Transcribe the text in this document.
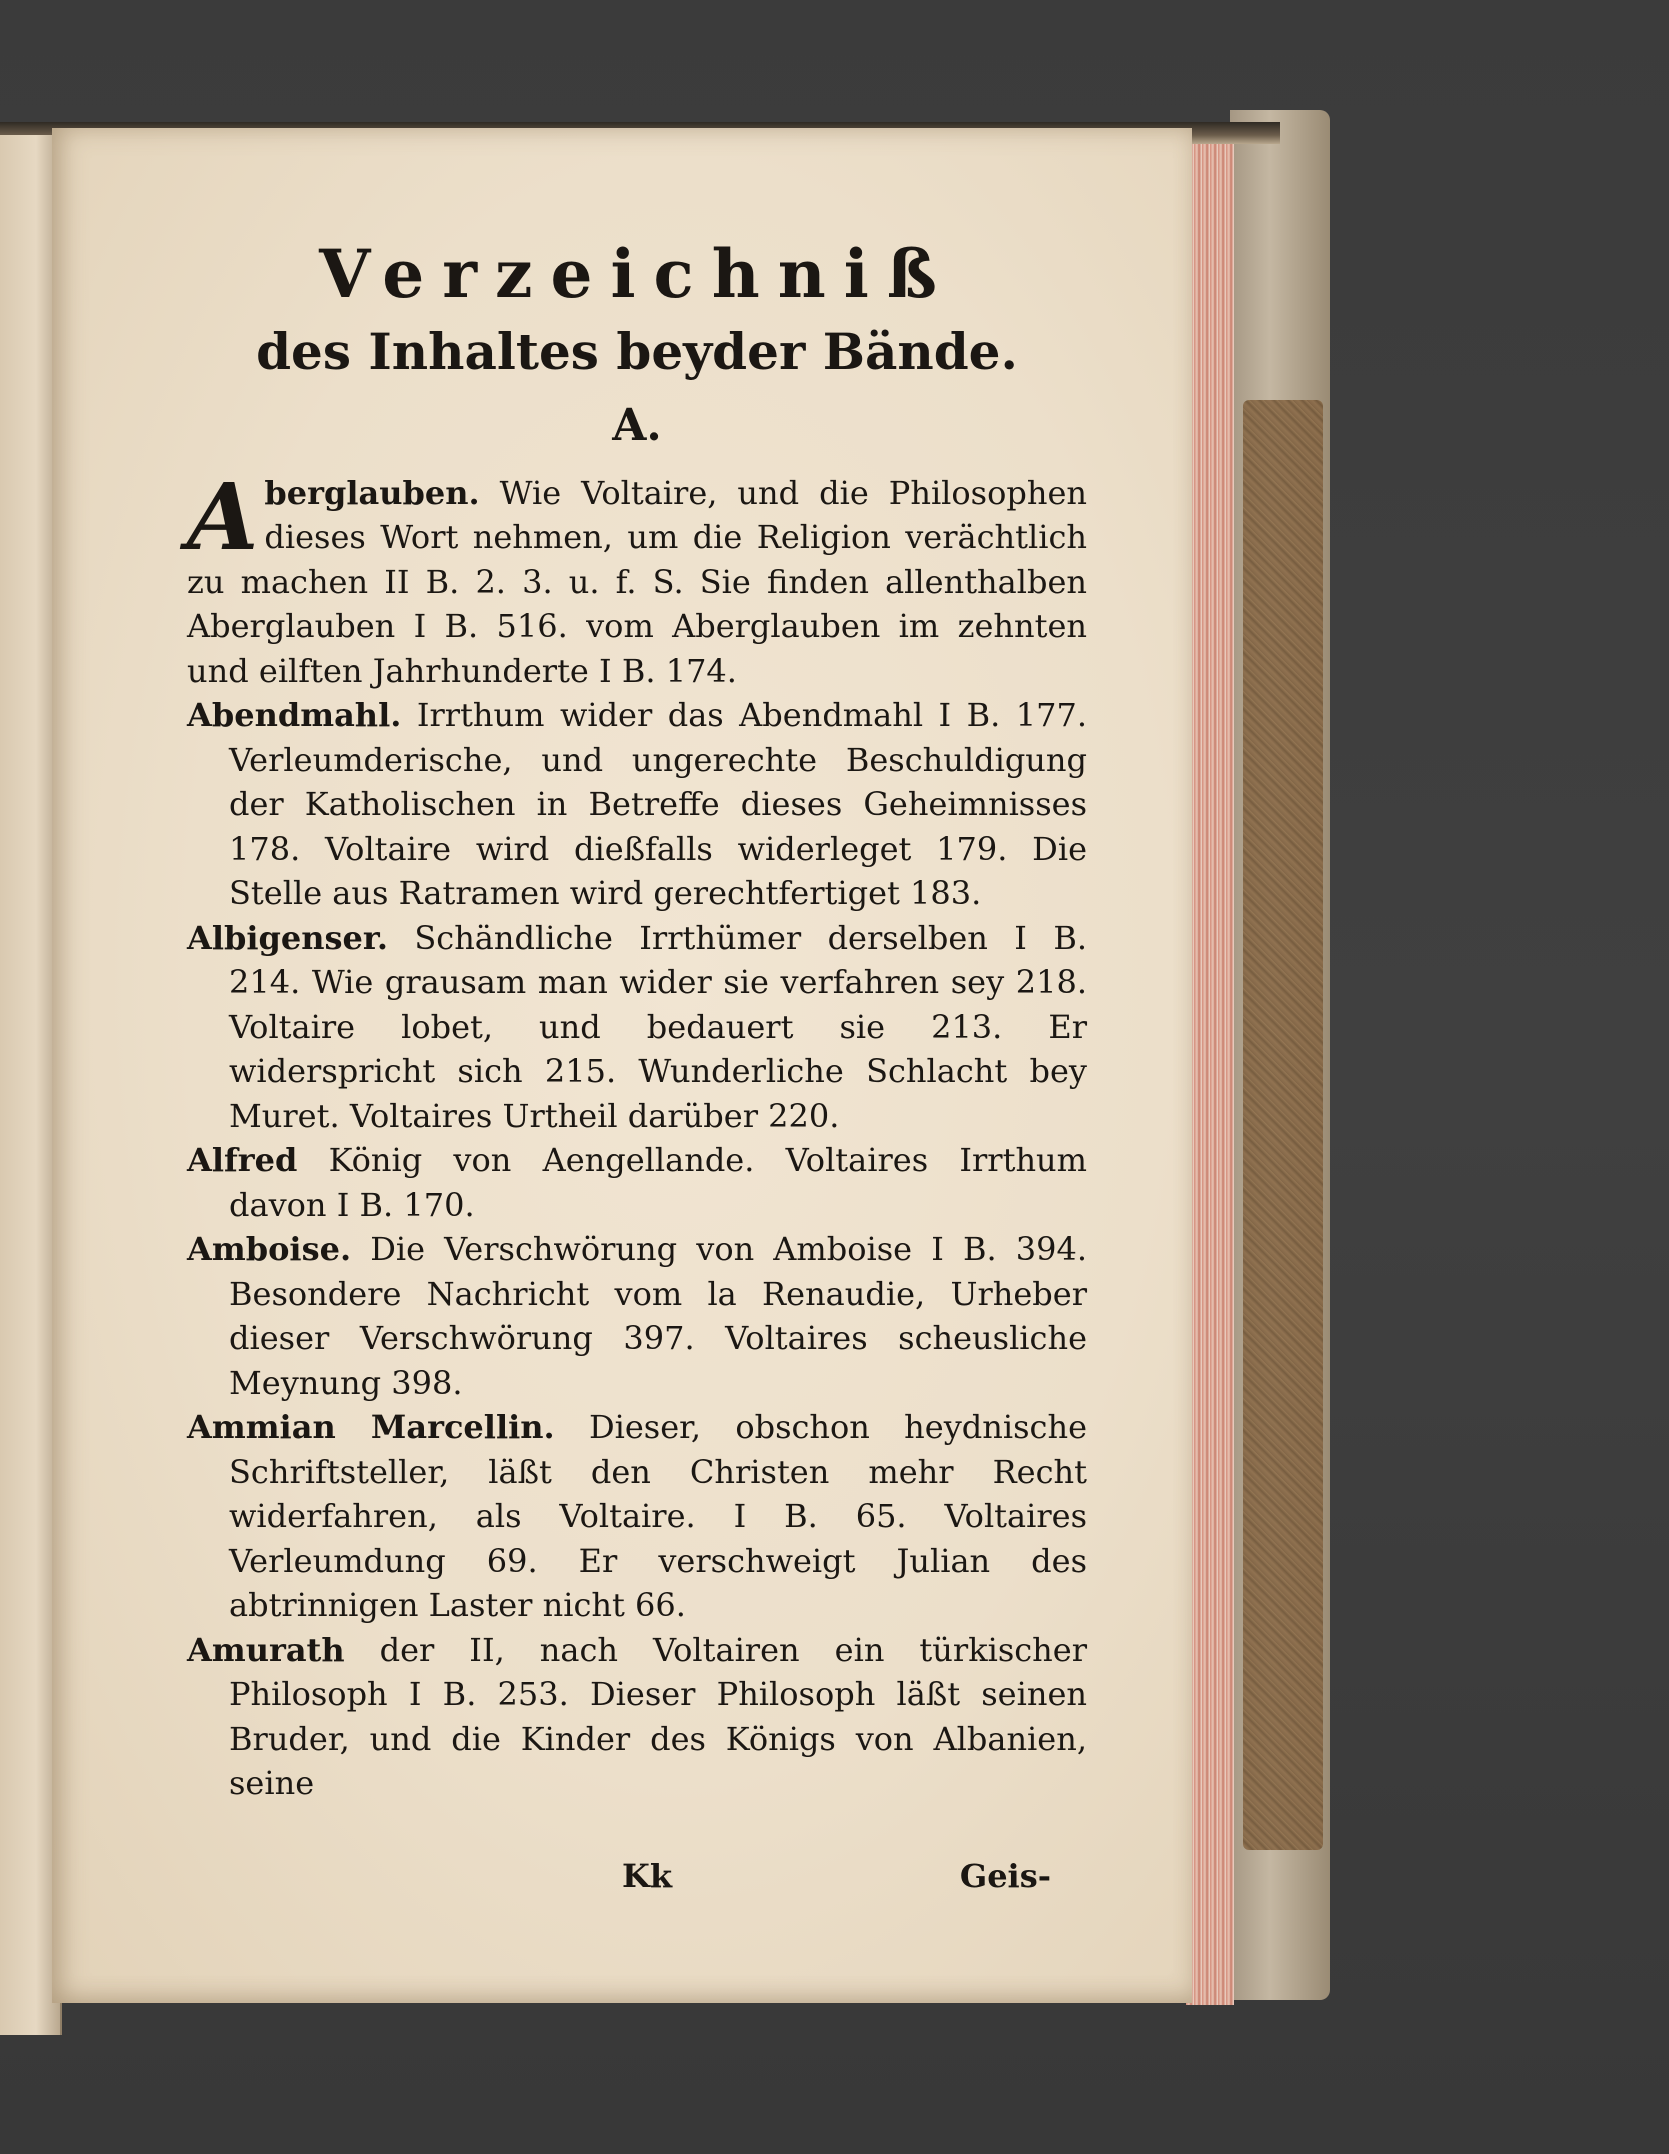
Verzeichniß
des Inhaltes beyder Bände.
A.

A berglauben. Wie Voltaire, und die Philosophen dieses Wort nehmen, um die Religion verächtlich zu machen II B. 2. 3. u. f. S. Sie finden allenthalben Aberglauben I B. 516. vom Aberglauben im zehnten und eilften Jahrhunderte I B. 174.

Abendmahl. Irrthum wider das Abendmahl I B. 177. Verleumderische, und ungerechte Beschuldigung der Katholischen in Betreffe dieses Geheimnisses 178. Voltaire wird dießfalls widerleget 179. Die Stelle aus Ratramen wird gerechtfertiget 183.

Albigenser. Schändliche Irrthümer derselben I B. 214. Wie grausam man wider sie verfahren sey 218. Voltaire lobet, und bedauert sie 213. Er widerspricht sich 215. Wunderliche Schlacht bey Muret. Voltaires Urtheil darüber 220.

Alfred König von Aengellande. Voltaires Irrthum davon I B. 170.

Amboise. Die Verschwörung von Amboise I B. 394. Besondere Nachricht vom la Renaudie, Urheber dieser Verschwörung 397. Voltaires scheusliche Meynung 398.

Ammian Marcellin. Dieser, obschon heydnische Schriftsteller, läßt den Christen mehr Recht widerfahren, als Voltaire. I B. 65. Voltaires Verleumdung 69. Er verschweigt Julian des abtrinnigen Laster nicht 66.

Amurath der II, nach Voltairen ein türkischer Philosoph I B. 253. Dieser Philosoph läßt seinen Bruder, und die Kinder des Königs von Albanien, seine

Kk	Geis-
